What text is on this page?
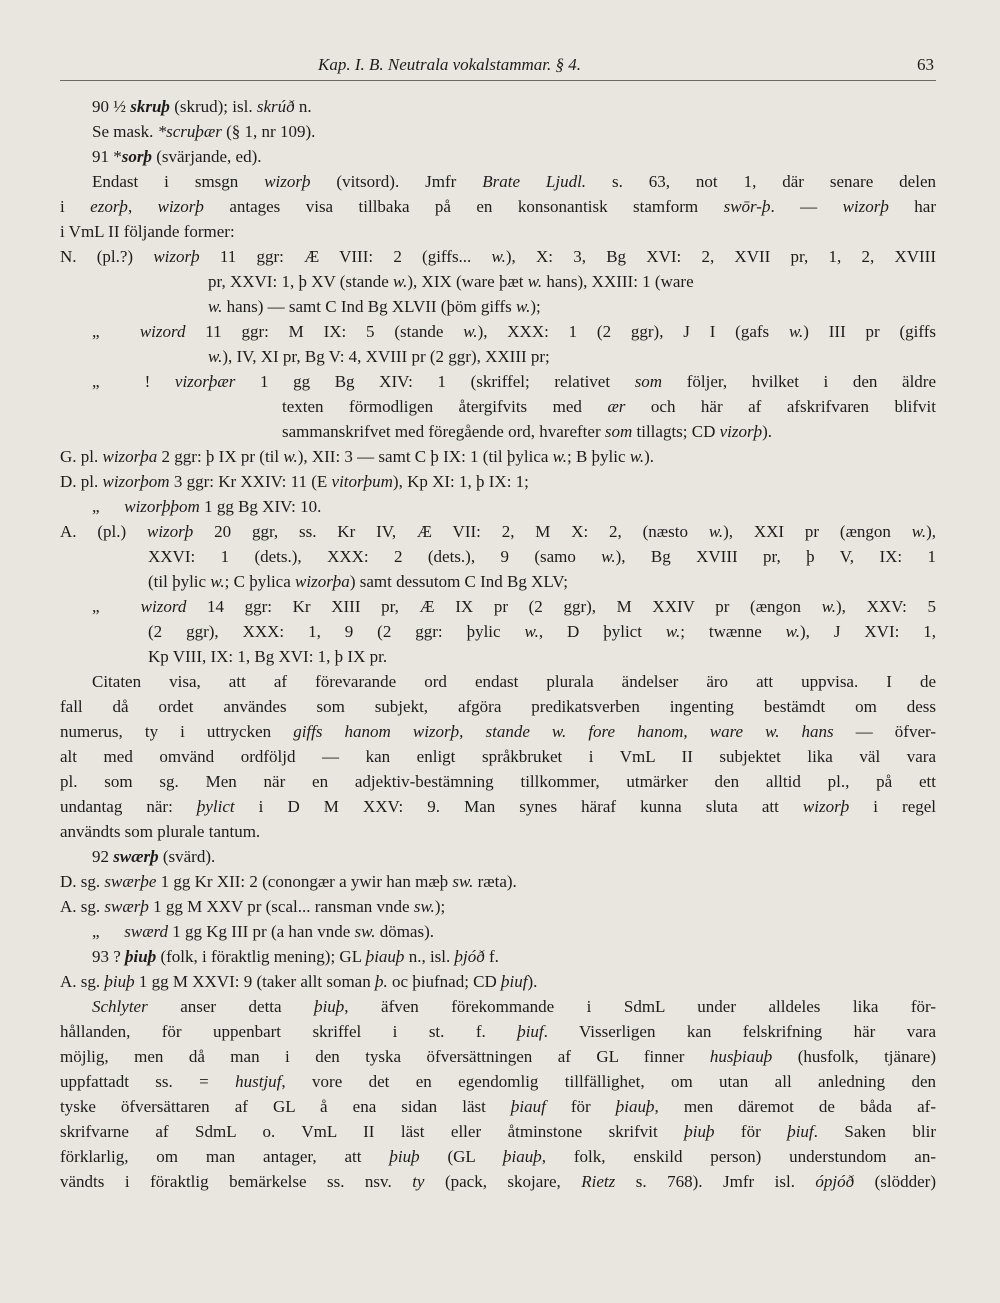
Kap. I. B. Neutrala vokalstammar. § 4.	63
90 ½ skruþ (skrud); isl. skrúð n.
Se mask. *scruþær (§ 1, nr 109).
91 *sorþ (svärjande, ed).
Endast i smsgn wizorþ (vitsord). Jmfr Brate Ljudl. s. 63, not 1, där senare delen
i ezorþ, wizorþ antages visa tillbaka på en konsonantisk stamform swōr-þ. — wizorþ har
i VmL II följande former:
N. (pl.?) wizorþ 11 ggr: Æ VIII: 2 (giffs... w.), X: 3, Bg XVI: 2, XVII pr, 1, 2, XVIII
pr, XXVI: 1, þ XV (stande w.), XIX (ware þæt w. hans), XXIII: 1 (ware
w. hans) — samt C Ind Bg XLVII (þöm giffs w.);
„ wizord 11 ggr: M IX: 5 (stande w.), XXX: 1 (2 ggr), J I (gafs w.) III pr (giffs
w.), IV, XI pr, Bg V: 4, XVIII pr (2 ggr), XXIII pr;
„ ! vizorþær 1 gg Bg XIV: 1 (skriffel; relativet som följer, hvilket i den äldre
texten förmodligen återgifvits med ær och här af afskrifvaren blifvit
sammanskrifvet med föregående ord, hvarefter som tillagts; CD vizorþ).
G. pl. wizorþa 2 ggr: þ IX pr (til w.), XII: 3 — samt C þ IX: 1 (til þylica w.; B þylic w.).
D. pl. wizorþom 3 ggr: Kr XXIV: 11 (E vitorþum), Kp XI: 1, þ IX: 1;
„ wizorþþom 1 gg Bg XIV: 10.
A. (pl.) wizorþ 20 ggr, ss. Kr IV, Æ VII: 2, M X: 2, (næsto w.), XXI pr (ængon w.),
XXVI: 1 (dets.), XXX: 2 (dets.), 9 (samo w.), Bg XVIII pr, þ V, IX: 1
(til þylic w.; C þylica wizorþa) samt dessutom C Ind Bg XLV;
„ wizord 14 ggr: Kr XIII pr, Æ IX pr (2 ggr), M XXIV pr (ængon w.), XXV: 5
(2 ggr), XXX: 1, 9 (2 ggr: þylic w., D þylict w.; twænne w.), J XVI: 1,
Kp VIII, IX: 1, Bg XVI: 1, þ IX pr.
Citaten visa, att af förevarande ord endast plurala ändelser äro att uppvisa. I de
fall då ordet användes som subjekt, afgöra predikatsverben ingenting bestämdt om dess
numerus, ty i uttrycken giffs hanom wizorþ, stande w. fore hanom, ware w. hans — öfver-
alt med omvänd ordföljd — kan enligt språkbruket i VmL II subjektet lika väl vara
pl. som sg. Men när en adjektiv-bestämning tillkommer, utmärker den alltid pl., på ett
undantag när: þylict i D M XXV: 9. Man synes häraf kunna sluta att wizorþ i regel
användts som plurale tantum.
92 swærþ (svärd).
D. sg. swærþe 1 gg Kr XII: 2 (conongær a ywir han mæþ sw. ræta).
A. sg. swærþ 1 gg M XXV pr (scal... ransman vnde sw.);
„ swærd 1 gg Kg III pr (a han vnde sw. dömas).
93 ? þiuþ (folk, i föraktlig mening); GL þiauþ n., isl. þjóð f.
A. sg. þiuþ 1 gg M XXVI: 9 (taker allt soman þ. oc þiufnad; CD þiuf).
Schlyter anser detta þiuþ, äfven förekommande i SdmL under alldeles lika för-
hållanden, för uppenbart skriffel i st. f. þiuf. Visserligen kan felskrifning här vara
möjlig, men då man i den tyska öfversättningen af GL finner husþiauþ (husfolk, tjänare)
uppfattadt ss. = hustjuf, vore det en egendomlig tillfällighet, om utan all anledning den
tyske öfversättaren af GL å ena sidan läst þiauf för þiauþ, men däremot de båda af-
skrifvarne af SdmL o. VmL II läst eller åtminstone skrifvit þiuþ för þiuf. Saken blir
förklarlig, om man antager, att þiuþ (GL þiauþ, folk, enskild person) understundom an-
vändts i föraktlig bemärkelse ss. nsv. ty (pack, skojare, Rietz s. 768). Jmfr isl. ópjóð (slödder)
